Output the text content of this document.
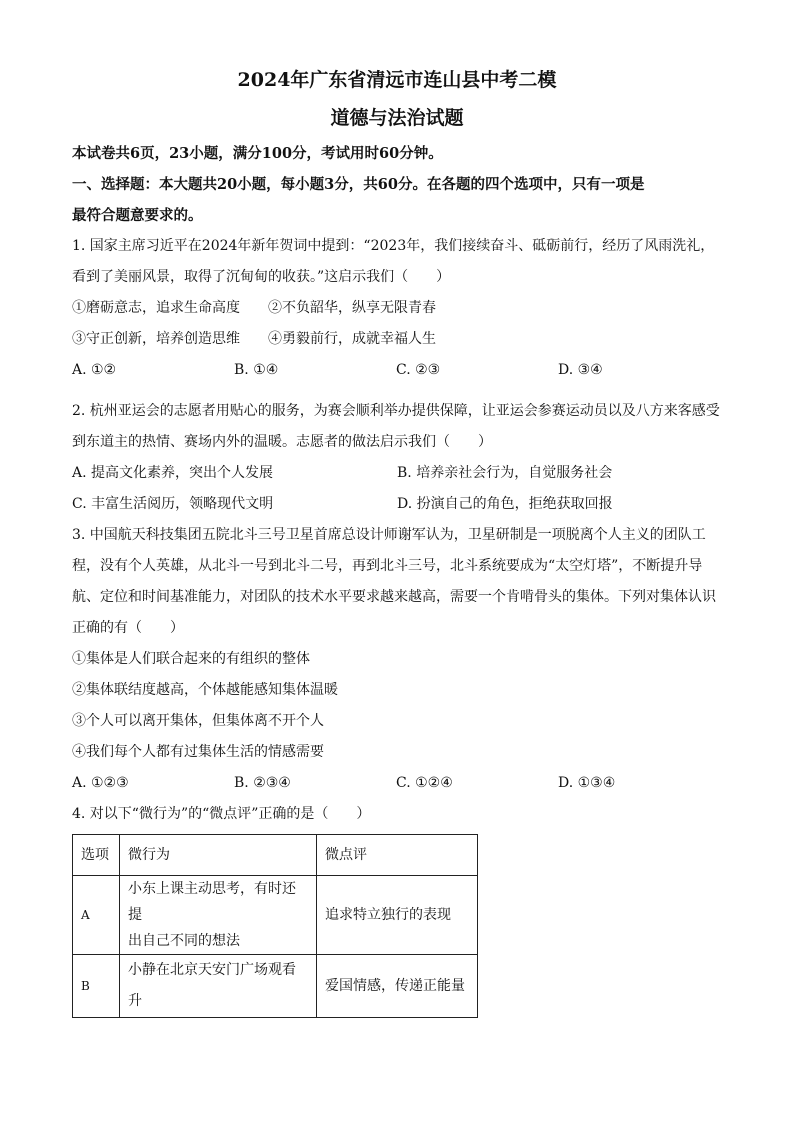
2024年广东省清远市连山县中考二模
道德与法治试题
本试卷共6页，23小题，满分100分，考试用时60分钟。
一、选择题：本大题共20小题，每小题3分，共60分。在各题的四个选项中，只有一项是
最符合题意要求的。
1. 国家主席习近平在2024年新年贺词中提到：“2023年，我们接续奋斗、砥砺前行，经历了风雨洗礼，
看到了美丽风景，取得了沉甸甸的收获。”这启示我们（　　）
①磨砺意志，追求生命高度　　②不负韶华，纵享无限青春
③守正创新，培养创造思维　　④勇毅前行，成就幸福人生
A. ①②	B. ①④	C. ②③	D. ③④
2. 杭州亚运会的志愿者用贴心的服务，为赛会顺利举办提供保障，让亚运会参赛运动员以及八方来客感受
到东道主的热情、赛场内外的温暖。志愿者的做法启示我们（　　）
A. 提高文化素养，突出个人发展	B. 培养亲社会行为，自觉服务社会
C. 丰富生活阅历，领略现代文明	D. 扮演自己的角色，拒绝获取回报
3. 中国航天科技集团五院北斗三号卫星首席总设计师谢军认为，卫星研制是一项脱离个人主义的团队工
程，没有个人英雄，从北斗一号到北斗二号，再到北斗三号，北斗系统要成为“太空灯塔”，不断提升导
航、定位和时间基准能力，对团队的技术水平要求越来越高，需要一个肯啃骨头的集体。下列对集体认识
正确的有（　　）
①集体是人们联合起来的有组织的整体
②集体联结度越高，个体越能感知集体温暖
③个人可以离开集体，但集体离不开个人
④我们每个人都有过集体生活的情感需要
A. ①②③	B. ②③④	C. ①②④	D. ①③④
4. 对以下“微行为”的“微点评”正确的是（　　）
选项	微行为	微点评
A	小东上课主动思考，有时还提
出自己不同的想法	追求特立独行的表现
B	小静在北京天安门广场观看升	爱国情感，传递正能量
